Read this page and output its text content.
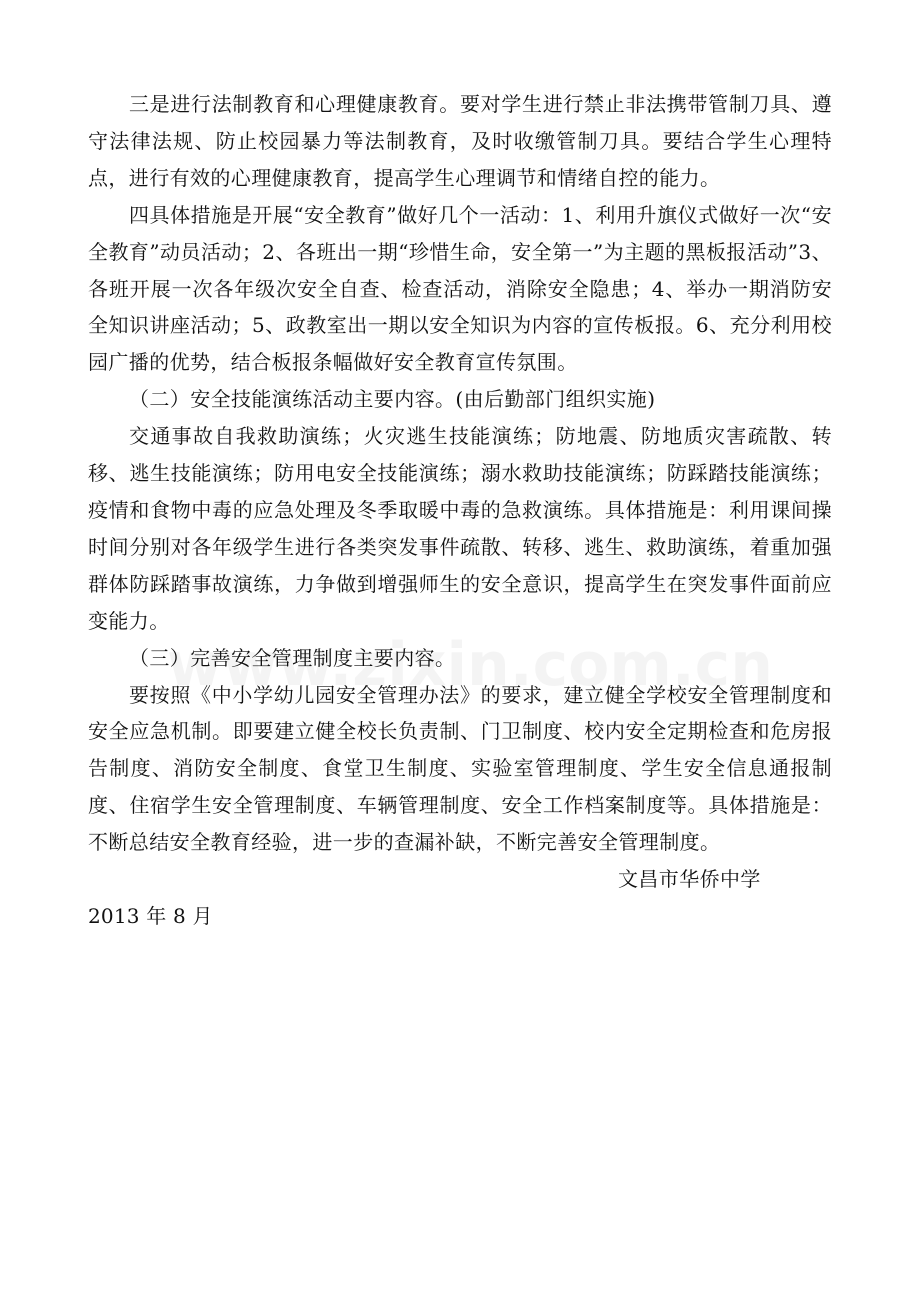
三是进行法制教育和心理健康教育。要对学生进行禁止非法携带管制刀具、遵守法律法规、防止校园暴力等法制教育，及时收缴管制刀具。要结合学生心理特点，进行有效的心理健康教育，提高学生心理调节和情绪自控的能力。

四具体措施是开展“安全教育”做好几个一活动：1、利用升旗仪式做好一次“安全教育”动员活动；2、各班出一期“珍惜生命，安全第一”为主题的黑板报活动”3、各班开展一次各年级次安全自查、检查活动，消除安全隐患；4、举办一期消防安全知识讲座活动；5、政教室出一期以安全知识为内容的宣传板报。6、充分利用校园广播的优势，结合板报条幅做好安全教育宣传氛围。

（二）安全技能演练活动主要内容。(由后勤部门组织实施)

交通事故自我救助演练；火灾逃生技能演练；防地震、防地质灾害疏散、转移、逃生技能演练；防用电安全技能演练；溺水救助技能演练；防踩踏技能演练；疫情和食物中毒的应急处理及冬季取暖中毒的急救演练。具体措施是：利用课间操时间分别对各年级学生进行各类突发事件疏散、转移、逃生、救助演练，着重加强群体防踩踏事故演练，力争做到增强师生的安全意识，提高学生在突发事件面前应变能力。

（三）完善安全管理制度主要内容。

要按照《中小学幼儿园安全管理办法》的要求，建立健全学校安全管理制度和安全应急机制。即要建立健全校长负责制、门卫制度、校内安全定期检查和危房报告制度、消防安全制度、食堂卫生制度、实验室管理制度、学生安全信息通报制度、住宿学生安全管理制度、车辆管理制度、安全工作档案制度等。具体措施是：不断总结安全教育经验，进一步的查漏补缺，不断完善安全管理制度。

文昌市华侨中学

2013 年 8 月
